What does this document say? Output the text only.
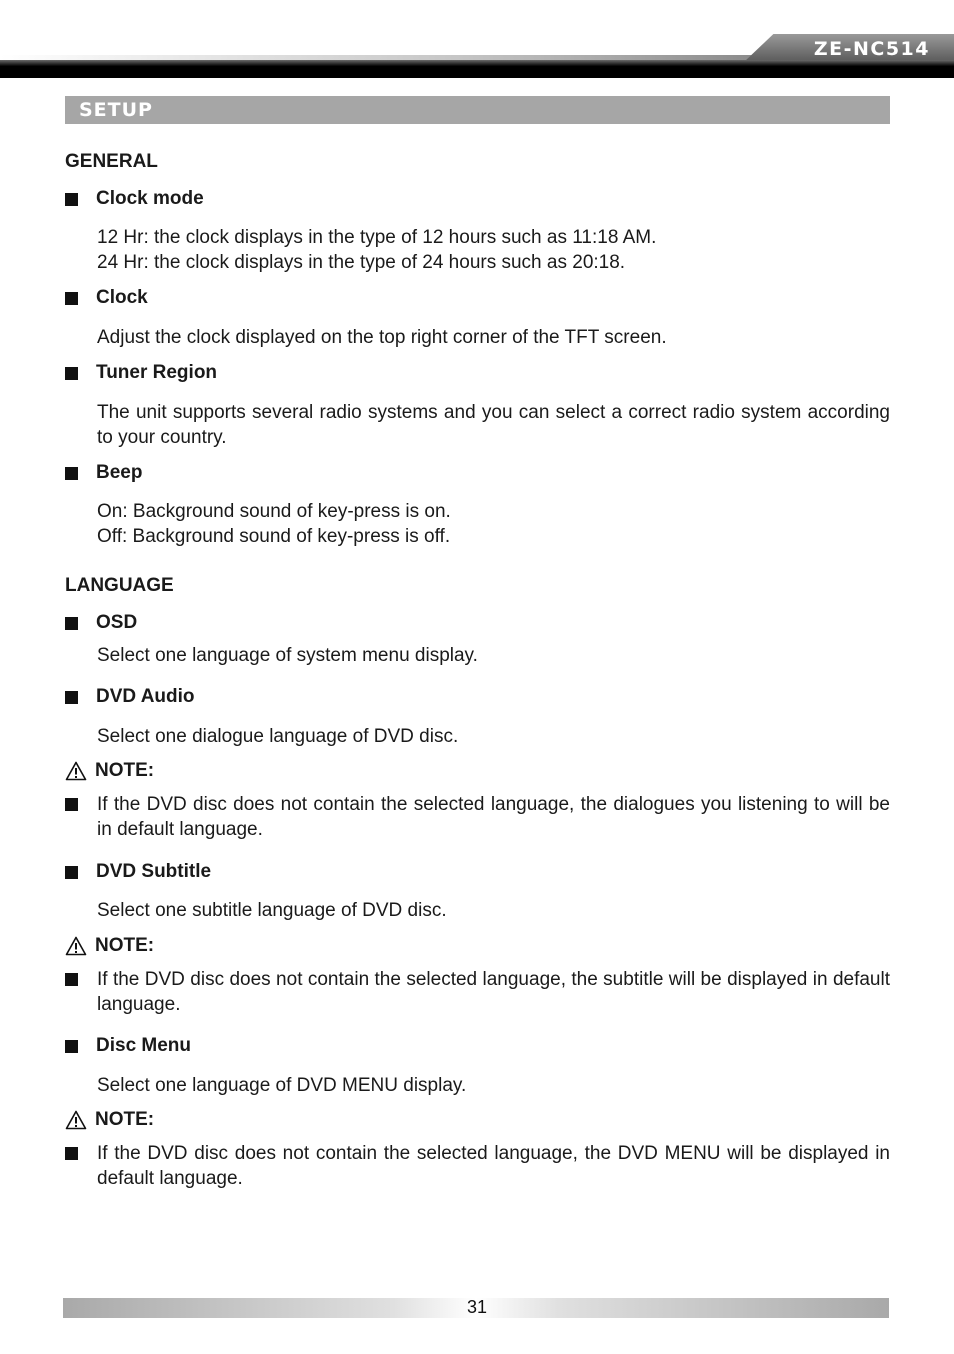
ZE-NC514
SETUP
GENERAL
Clock mode
12 Hr: the clock displays in the type of 12 hours such as 11:18 AM.
24 Hr: the clock displays in the type of 24 hours such as 20:18.
Clock
Adjust the clock displayed on the top right corner of the TFT screen.
Tuner Region
The unit supports several radio systems and you can select a correct radio system according to your country.
Beep
On: Background sound of key-press is on.
Off: Background sound of key-press is off.
LANGUAGE
OSD
Select one language of system menu display.
DVD Audio
Select one dialogue language of DVD disc.
NOTE:
If the DVD disc does not contain the selected language, the dialogues you listening to will be in default language.
DVD Subtitle
Select one subtitle language of DVD disc.
NOTE:
If the DVD disc does not contain the selected language, the subtitle will be displayed in default language.
Disc Menu
Select one language of DVD MENU display.
NOTE:
If the DVD disc does not contain the selected language, the DVD MENU will be displayed in default language.
31
